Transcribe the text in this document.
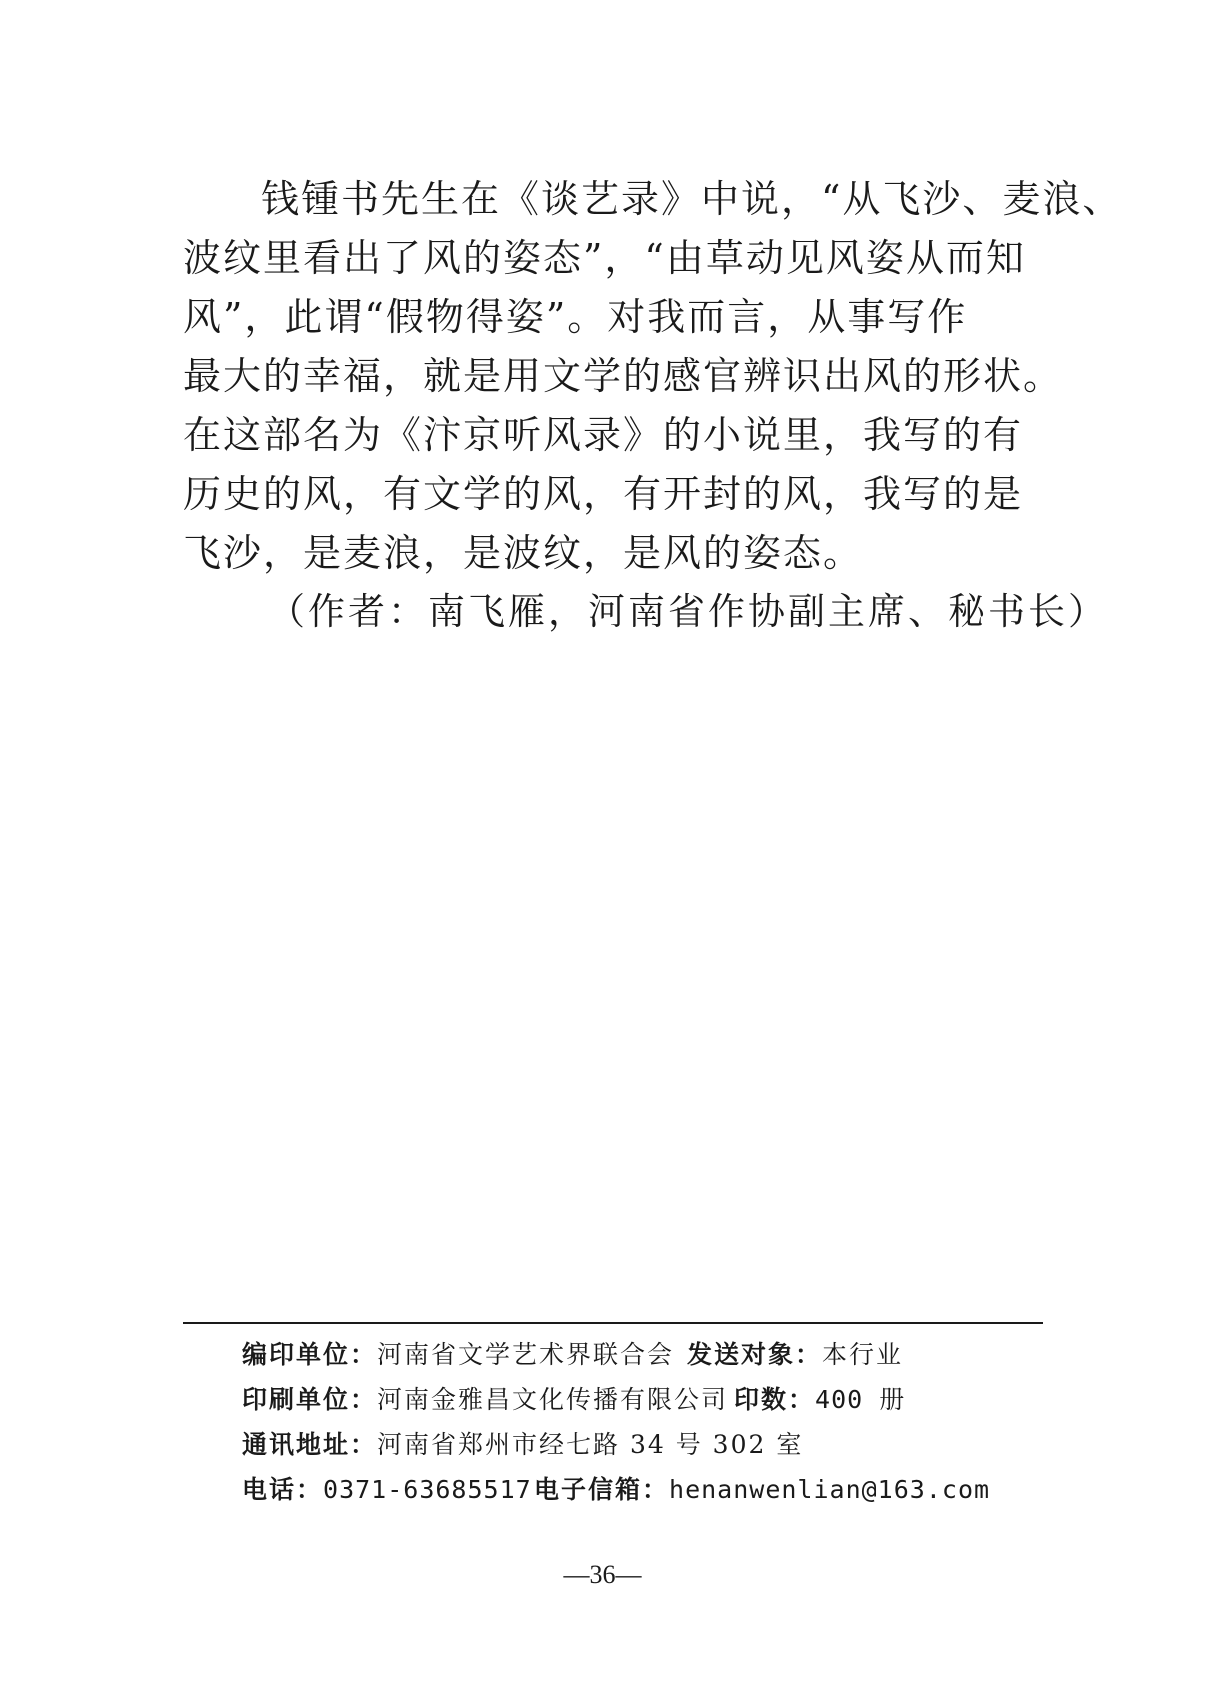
钱锺书先生在《谈艺录》中说，“从飞沙、麦浪、
波纹里看出了风的姿态”，“由草动见风姿从而知
风”，此谓“假物得姿”。对我而言，从事写作
最大的幸福，就是用文学的感官辨识出风的形状。
在这部名为《汴京听风录》的小说里，我写的有
历史的风，有文学的风，有开封的风，我写的是
飞沙，是麦浪，是波纹，是风的姿态。
（作者：南飞雁，河南省作协副主席、秘书长）
编印单位：河南省文学艺术界联合会 发送对象：本行业
印刷单位：河南金雅昌文化传播有限公司 印数：400 册
通讯地址：河南省郑州市经七路 34 号 302 室
电话：0371-63685517 电子信箱：henanwenlian@163.com
—36—
